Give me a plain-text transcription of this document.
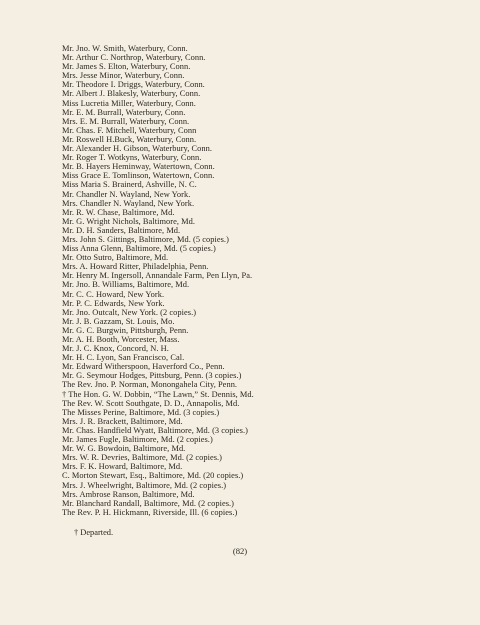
Mr. Jno. W. Smith, Waterbury, Conn.
Mr. Arthur C. Northrop, Waterbury, Conn.
Mr. James S. Elton, Waterbury, Conn.
Mrs. Jesse Minor, Waterbury, Conn.
Mr. Theodore I. Driggs, Waterbury, Conn.
Mr. Albert J. Blakesly, Waterbury, Conn.
Miss Lucretia Miller, Waterbury, Conn.
Mr. E. M. Burrall, Waterbury, Conn.
Mrs. E. M. Burrall, Waterbury, Conn.
Mr. Chas. F. Mitchell, Waterbury, Conn
Mr. Roswell H.Buck, Waterbury, Conn.
Mr. Alexander H. Gibson, Waterbury, Conn.
Mr. Roger T. Wotkyns, Waterbury, Conn.
Mr. B. Hayers Heminway, Watertown, Conn.
Miss Grace E. Tomlinson, Watertown, Conn.
Miss Maria S. Brainerd, Ashville, N. C.
Mr. Chandler N. Wayland, New York.
Mrs. Chandler N. Wayland, New York.
Mr. R. W. Chase, Baltimore, Md.
Mr. G. Wright Nichols, Baltimore, Md.
Mr. D. H. Sanders, Baltimore, Md.
Mrs. John S. Gittings, Baltimore, Md. (5 copies.)
Miss Anna Glenn, Baltimore, Md. (5 copies.)
Mr. Otto Sutro, Baltimore, Md.
Mrs. A. Howard Ritter, Philadelphia, Penn.
Mr. Henry M. Ingersoll, Annandale Farm, Pen Llyn, Pa.
Mr. Jno. B. Williams, Baltimore, Md.
Mr. C. C. Howard, New York.
Mr. P. C. Edwards, New York.
Mr. Jno. Outcalt, New York. (2 copies.)
Mr. J. B. Gazzam, St. Louis, Mo.
Mr. G. C. Burgwin, Pittsburgh, Penn.
Mr. A. H. Booth, Worcester, Mass.
Mr. J. C. Knox, Concord, N. H.
Mr. H. C. Lyon, San Francisco, Cal.
Mr. Edward Witherspoon, Haverford Co., Penn.
Mr. G. Seymour Hodges, Pittsburg, Penn. (3 copies.)
The Rev. Jno. P. Norman, Monongahela City, Penn.
† The Hon. G. W. Dobbin, “The Lawn,” St. Dennis, Md.
The Rev. W. Scott Southgate, D. D., Annapolis, Md.
The Misses Perine, Baltimore, Md. (3 copies.)
Mrs. J. R. Brackett, Baltimore, Md.
Mr. Chas. Handfield Wyatt, Baltimore, Md. (3 copies.)
Mr. James Fugle, Baltimore, Md. (2 copies.)
Mr. W. G. Bowdoin, Baltimore, Md.
Mrs. W. R. Devries, Baltimore, Md. (2 copies.)
Mrs. F. K. Howard, Baltimore, Md.
C. Morton Stewart, Esq., Baltimore, Md. (20 copies.)
Mrs. J. Wheelwright, Baltimore, Md. (2 copies.)
Mrs. Ambrose Ranson, Baltimore, Md.
Mr. Blanchard Randall, Baltimore, Md. (2 copies.)
The Rev. P. H. Hickmann, Riverside, Ill. (6 copies.)
† Departed.
(82)
